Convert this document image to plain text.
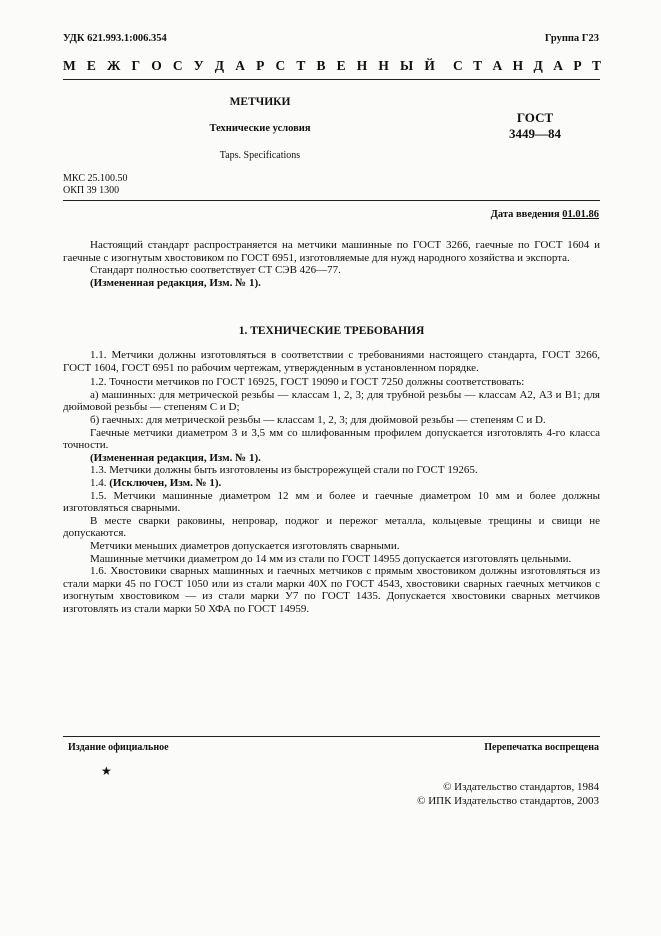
УДК 621.993.1:006.354	Группа Г23
М Е Ж Г О С У Д А Р С Т В Е Н Н Ы Й С Т А Н Д А Р Т
МЕТЧИКИ
Технические условия
Taps. Specifications
ГОСТ
3449—84
МКС 25.100.50
ОКП 39 1300
Дата введения 01.01.86

Настоящий стандарт распространяется на метчики машинные по ГОСТ 3266, гаечные по ГОСТ 1604 и гаечные с изогнутым хвостовиком по ГОСТ 6951, изготовляемые для нужд народного хозяйства и экспорта.

Стандарт полностью соответствует СТ СЭВ 426—77.

(Измененная редакция, Изм. № 1).

1. ТЕХНИЧЕСКИЕ ТРЕБОВАНИЯ

1.1. Метчики должны изготовляться в соответствии с требованиями настоящего стандарта, ГОСТ 3266, ГОСТ 1604, ГОСТ 6951 по рабочим чертежам, утвержденным в установленном порядке.

1.2. Точности метчиков по ГОСТ 16925, ГОСТ 19090 и ГОСТ 7250 должны соответствовать:

а) машинных: для метрической резьбы — классам 1, 2, 3; для трубной резьбы — классам А2, А3 и В1; для дюймовой резьбы — степеням С и D;

б) гаечных: для метрической резьбы — классам 1, 2, 3; для дюймовой резьбы — степеням С и D.

Гаечные метчики диаметром 3 и 3,5 мм со шлифованным профилем допускается изготовлять 4-го класса точности.

(Измененная редакция, Изм. № 1).

1.3. Метчики должны быть изготовлены из быстрорежущей стали по ГОСТ 19265.

1.4. (Исключен, Изм. № 1).

1.5. Метчики машинные диаметром 12 мм и более и гаечные диаметром 10 мм и более должны изготовляться сварными.

В месте сварки раковины, непровар, поджог и пережог металла, кольцевые трещины и свищи не допускаются.

Метчики меньших диаметров допускается изготовлять сварными.

Машинные метчики диаметром до 14 мм из стали по ГОСТ 14955 допускается изготовлять цельными.

1.6. Хвостовики сварных машинных и гаечных метчиков с прямым хвостовиком должны изготовляться из стали марки 45 по ГОСТ 1050 или из стали марки 40Х по ГОСТ 4543, хвостовики сварных гаечных метчиков с изогнутым хвостовиком — из стали марки У7 по ГОСТ 1435. Допускается хвостовики сварных метчиков изготовлять из стали марки 50 ХФА по ГОСТ 14959.

Издание официальное	Перепечатка воспрещена
★
© Издательство стандартов, 1984
© ИПК Издательство стандартов, 2003
